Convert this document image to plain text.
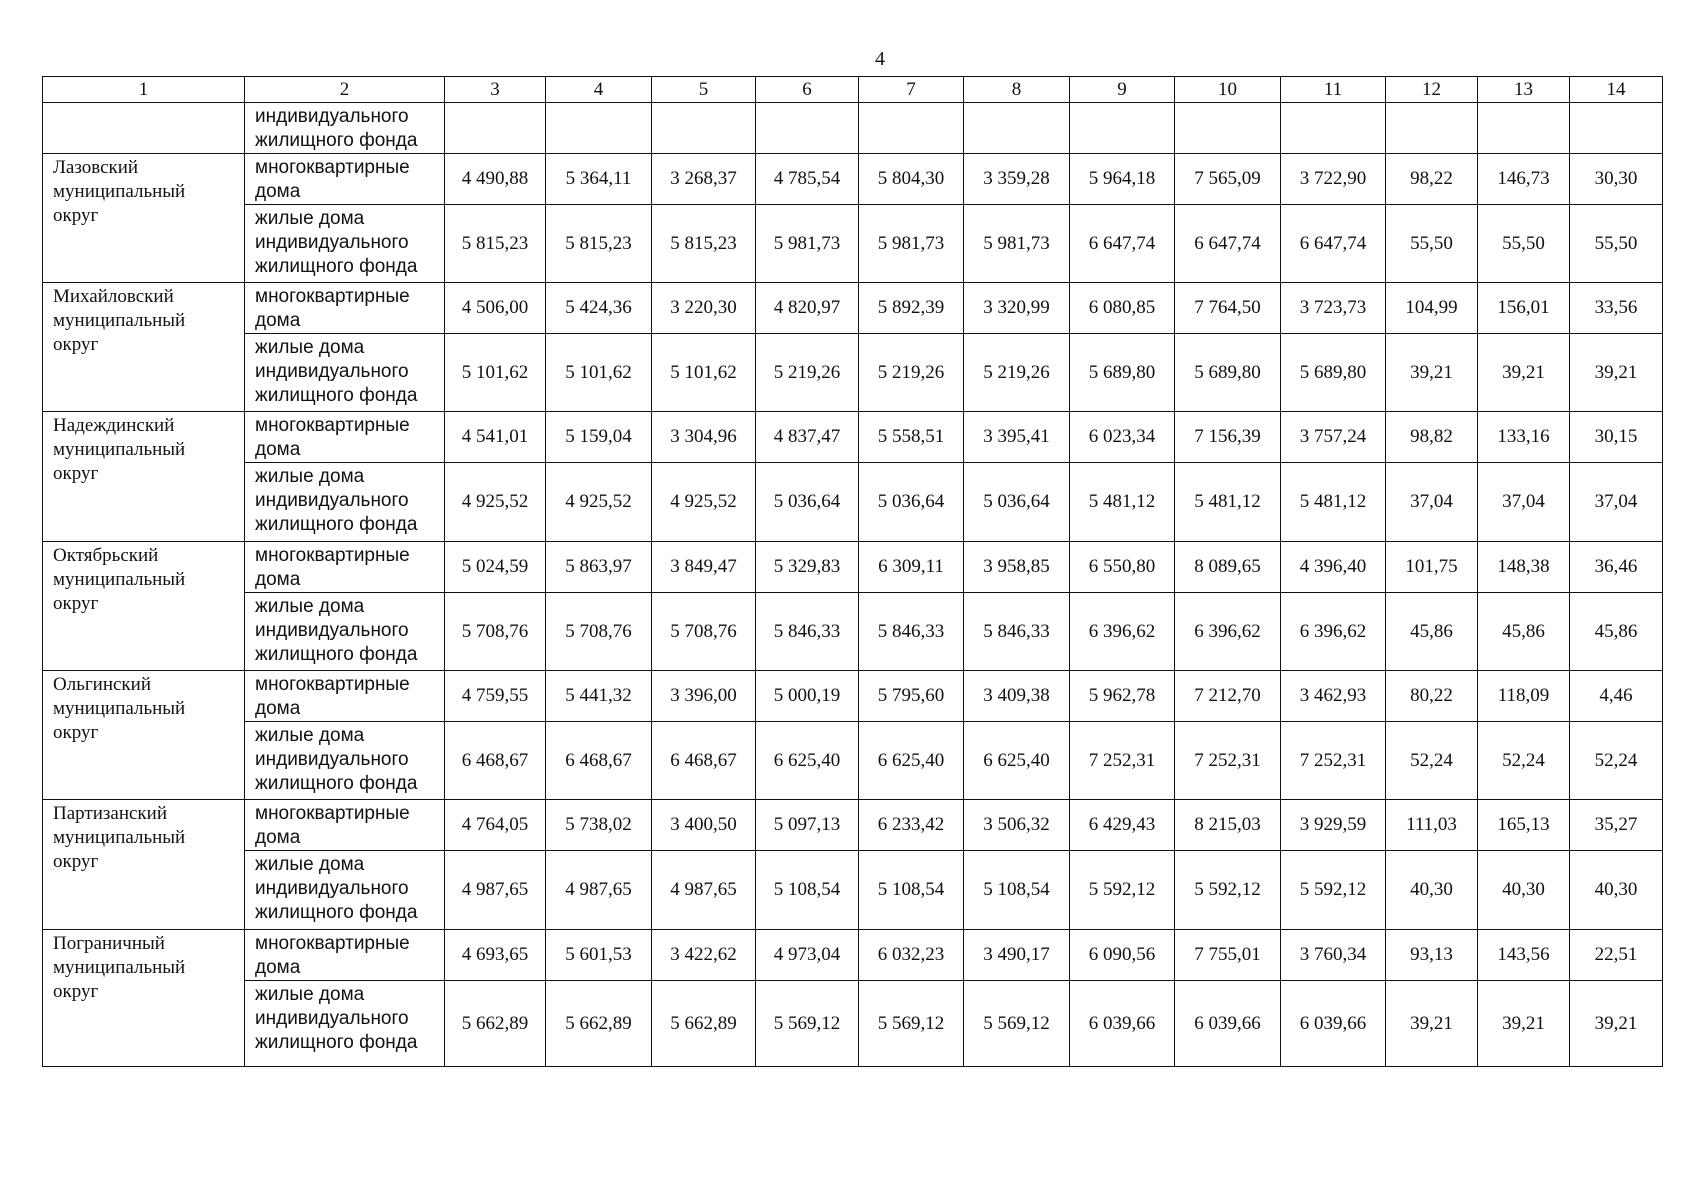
4
1	2	3	4	5	6	7	8	9	10	11	12	13	14

	индивидуального
жилищного фонда												

Лазовский
муниципальный
округ	многоквартирные
дома	4 490,88	5 364,11	3 268,37	4 785,54	5 804,30	3 359,28	5 964,18	7 565,09	3 722,90	98,22	146,73	30,30

	жилые дома
индивидуального
жилищного фонда	5 815,23	5 815,23	5 815,23	5 981,73	5 981,73	5 981,73	6 647,74	6 647,74	6 647,74	55,50	55,50	55,50

Михайловский
муниципальный
округ	многоквартирные
дома	4 506,00	5 424,36	3 220,30	4 820,97	5 892,39	3 320,99	6 080,85	7 764,50	3 723,73	104,99	156,01	33,56

	жилые дома
индивидуального
жилищного фонда	5 101,62	5 101,62	5 101,62	5 219,26	5 219,26	5 219,26	5 689,80	5 689,80	5 689,80	39,21	39,21	39,21

Надеждинский
муниципальный
округ	многоквартирные
дома	4 541,01	5 159,04	3 304,96	4 837,47	5 558,51	3 395,41	6 023,34	7 156,39	3 757,24	98,82	133,16	30,15

	жилые дома
индивидуального
жилищного фонда	4 925,52	4 925,52	4 925,52	5 036,64	5 036,64	5 036,64	5 481,12	5 481,12	5 481,12	37,04	37,04	37,04

Октябрьский
муниципальный
округ	многоквартирные
дома	5 024,59	5 863,97	3 849,47	5 329,83	6 309,11	3 958,85	6 550,80	8 089,65	4 396,40	101,75	148,38	36,46

	жилые дома
индивидуального
жилищного фонда	5 708,76	5 708,76	5 708,76	5 846,33	5 846,33	5 846,33	6 396,62	6 396,62	6 396,62	45,86	45,86	45,86

Ольгинский
муниципальный
округ	многоквартирные
дома	4 759,55	5 441,32	3 396,00	5 000,19	5 795,60	3 409,38	5 962,78	7 212,70	3 462,93	80,22	118,09	4,46

	жилые дома
индивидуального
жилищного фонда	6 468,67	6 468,67	6 468,67	6 625,40	6 625,40	6 625,40	7 252,31	7 252,31	7 252,31	52,24	52,24	52,24

Партизанский
муниципальный
округ	многоквартирные
дома	4 764,05	5 738,02	3 400,50	5 097,13	6 233,42	3 506,32	6 429,43	8 215,03	3 929,59	111,03	165,13	35,27

	жилые дома
индивидуального
жилищного фонда	4 987,65	4 987,65	4 987,65	5 108,54	5 108,54	5 108,54	5 592,12	5 592,12	5 592,12	40,30	40,30	40,30

Пограничный
муниципальный
округ	многоквартирные
дома	4 693,65	5 601,53	3 422,62	4 973,04	6 032,23	3 490,17	6 090,56	7 755,01	3 760,34	93,13	143,56	22,51

	жилые дома
индивидуального
жилищного фонда	5 662,89	5 662,89	5 662,89	5 569,12	5 569,12	5 569,12	6 039,66	6 039,66	6 039,66	39,21	39,21	39,21
